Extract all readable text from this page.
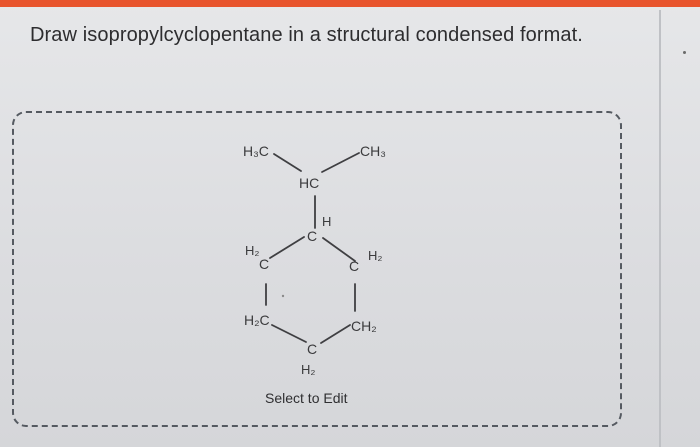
Draw isopropylcyclopentane in a structural condensed format.
H₃C	CH₃
HC
H
C
H₂
C
H₂
C
H₂C	CH₂
C
H₂
Select to Edit
